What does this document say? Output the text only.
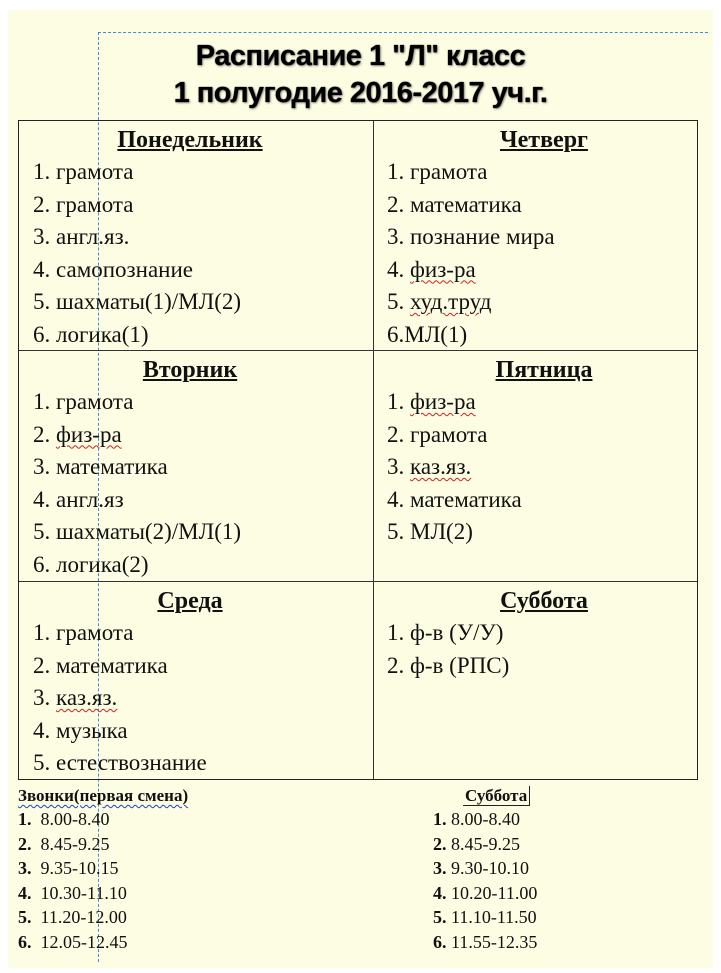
Расписание 1 "Л" класс
1 полугодие 2016-2017 уч.г.
Понедельник
1. грамота
2. грамота
3. англ.яз.
4. самопознание
5. шахматы(1)/МЛ(2)
6. логика(1)
Четверг
1. грамота
2. математика
3. познание мира
4. физ-ра
5. худ.труд
6.МЛ(1)
Вторник
1. грамота
2. физ-ра
3. математика
4. англ.яз
5. шахматы(2)/МЛ(1)
6. логика(2)
Пятница
1. физ-ра
2. грамота
3. каз.яз.
4. математика
5. МЛ(2)
Среда
1. грамота
2. математика
3. каз.яз.
4. музыка
5. естествознание
Суббота
1. ф-в (У/У)
2. ф-в (РПС)
Звонки(первая смена)
1. 8.00-8.40
2. 8.45-9.25
3. 9.35-10.15
4. 10.30-11.10
5. 11.20-12.00
6. 12.05-12.45
Суббота
1. 8.00-8.40
2. 8.45-9.25
3. 9.30-10.10
4. 10.20-11.00
5. 11.10-11.50
6. 11.55-12.35
